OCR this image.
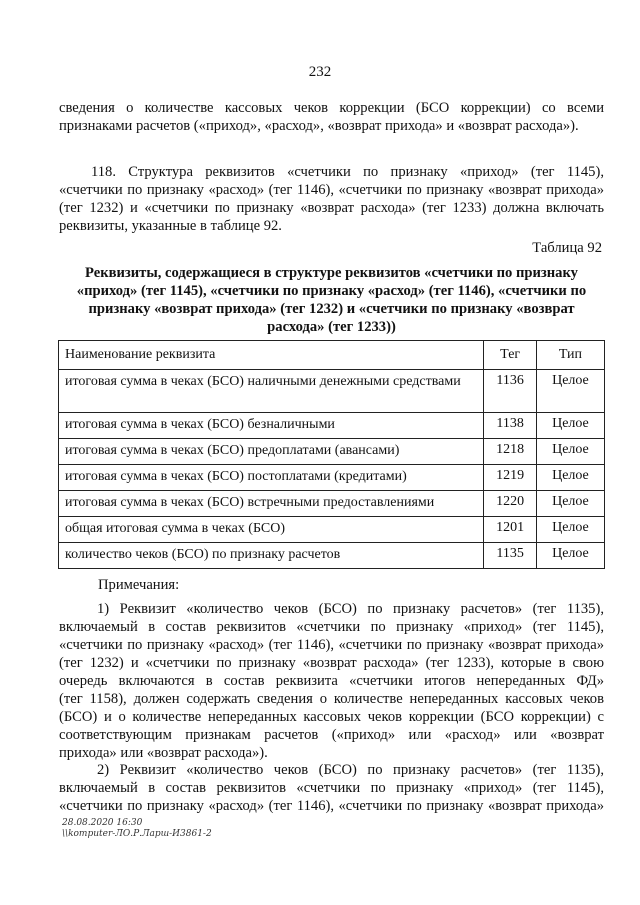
232
сведения о количестве кассовых чеков коррекции (БСО коррекции) со всеми
признаками расчетов («приход», «расход», «возврат прихода» и «возврат расхода»).
118. Структура реквизитов «счетчики по признаку «приход» (тег 1145),
«счетчики по признаку «расход» (тег 1146), «счетчики по признаку «возврат прихода»
(тег 1232) и «счетчики по признаку «возврат расхода» (тег 1233) должна включать
реквизиты, указанные в таблице 92.
Таблица 92
Реквизиты, содержащиеся в структуре реквизитов «счетчики по признаку
«приход» (тег 1145), «счетчики по признаку «расход» (тег 1146), «счетчики по
признаку «возврат прихода» (тег 1232) и «счетчики по признаку «возврат
расхода» (тег 1233))
Наименование реквизита	Тег	Тип
итоговая сумма в чеках (БСО) наличными денежными средствами	1136	Целое
итоговая сумма в чеках (БСО) безналичными	1138	Целое
итоговая сумма в чеках (БСО) предоплатами (авансами)	1218	Целое
итоговая сумма в чеках (БСО) постоплатами (кредитами)	1219	Целое
итоговая сумма в чеках (БСО) встречными предоставлениями	1220	Целое
общая итоговая сумма в чеках (БСО)	1201	Целое
количество чеков (БСО) по признаку расчетов	1135	Целое
Примечания:
1) Реквизит «количество чеков (БСО) по признаку расчетов» (тег 1135),
включаемый в состав реквизитов «счетчики по признаку «приход» (тег 1145),
«счетчики по признаку «расход» (тег 1146), «счетчики по признаку «возврат прихода»
(тег 1232) и «счетчики по признаку «возврат расхода» (тег 1233), которые в свою
очередь включаются в состав реквизита «счетчики итогов непереданных ФД»
(тег 1158), должен содержать сведения о количестве непереданных кассовых чеков
(БСО) и о количестве непереданных кассовых чеков коррекции (БСО коррекции) с
соответствующим признакам расчетов («приход» или «расход» или «возврат
прихода» или «возврат расхода»).
2) Реквизит «количество чеков (БСО) по признаку расчетов» (тег 1135),
включаемый в состав реквизитов «счетчики по признаку «приход» (тег 1145),
«счетчики по признаку «расход» (тег 1146), «счетчики по признаку «возврат прихода»
28.08.2020 16:30
\\komputer-ЛО.Р.Ларш-И3861-2
